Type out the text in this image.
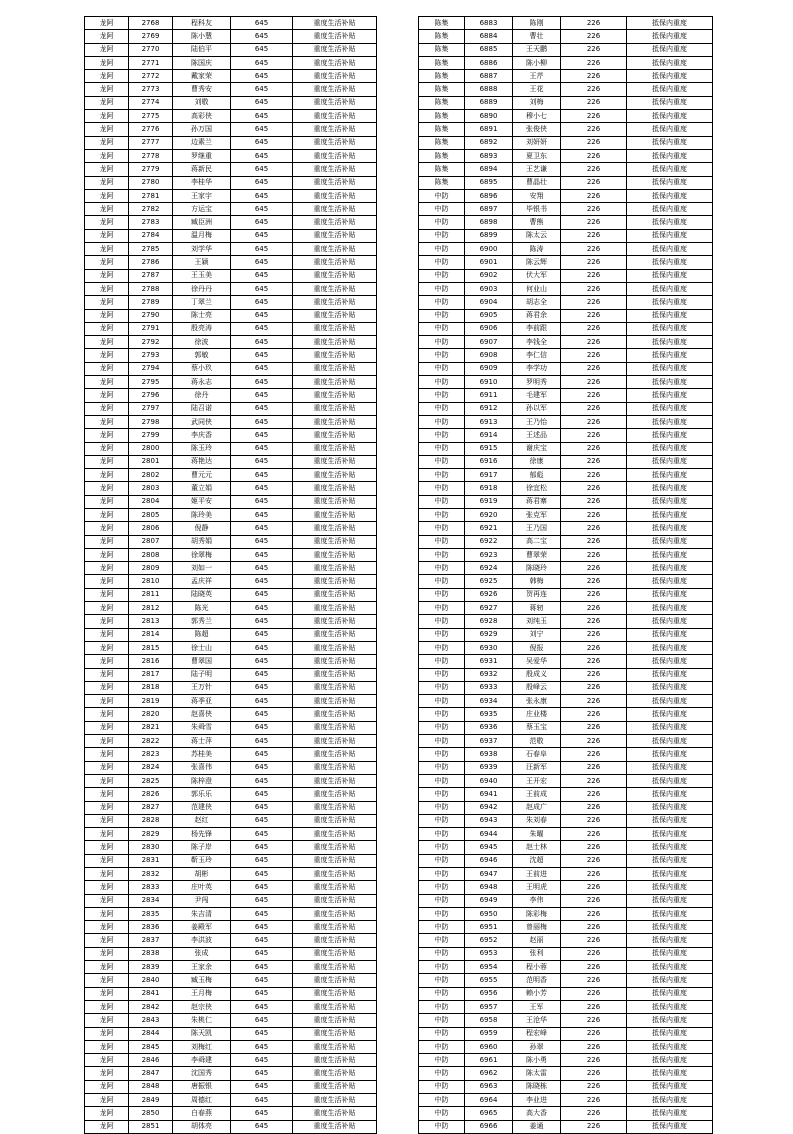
龙阿	2768	程科友	645	重度生活补贴
龙阿	2769	陈小慧	645	重度生活补贴
龙阿	2770	陆伯平	645	重度生活补贴
龙阿	2771	陈国庆	645	重度生活补贴
龙阿	2772	戴家荣	645	重度生活补贴
龙阿	2773	曹秀安	645	重度生活补贴
龙阿	2774	刘敬	645	重度生活补贴
龙阿	2775	高彩侠	645	重度生活补贴
龙阿	2776	孙万国	645	重度生活补贴
龙阿	2777	边素兰	645	重度生活补贴
龙阿	2778	罗继重	645	重度生活补贴
龙阿	2779	蒋新民	645	重度生活补贴
龙阿	2780	李桂华	645	重度生活补贴
龙阿	2781	王家宇	645	重度生活补贴
龙阿	2782	方运宝	645	重度生活补贴
龙阿	2783	臧臣洲	645	重度生活补贴
龙阿	2784	温月梅	645	重度生活补贴
龙阿	2785	刘学华	645	重度生活补贴
龙阿	2786	王颖	645	重度生活补贴
龙阿	2787	王玉美	645	重度生活补贴
龙阿	2788	徐丹丹	645	重度生活补贴
龙阿	2789	丁翠兰	645	重度生活补贴
龙阿	2790	陈士亮	645	重度生活补贴
龙阿	2791	殷亮涛	645	重度生活补贴
龙阿	2792	徐波	645	重度生活补贴
龙阿	2793	郭敏	645	重度生活补贴
龙阿	2794	蔡小玖	645	重度生活补贴
龙阿	2795	蒋永志	645	重度生活补贴
龙阿	2796	徐丹	645	重度生活补贴
龙阿	2797	陆召诺	645	重度生活补贴
龙阿	2798	武同侠	645	重度生活补贴
龙阿	2799	李庆香	645	重度生活补贴
龙阿	2800	陈玉玲	645	重度生活补贴
龙阿	2801	蒋艳达	645	重度生活补贴
龙阿	2802	曹元元	645	重度生活补贴
龙阿	2803	董立娟	645	重度生活补贴
龙阿	2804	姬平安	645	重度生活补贴
龙阿	2805	陈玲美	645	重度生活补贴
龙阿	2806	倪静	645	重度生活补贴
龙阿	2807	胡秀娟	645	重度生活补贴
龙阿	2808	徐翠梅	645	重度生活补贴
龙阿	2809	刘如一	645	重度生活补贴
龙阿	2810	孟庆祥	645	重度生活补贴
龙阿	2811	陆晓英	645	重度生活补贴
龙阿	2812	陈光	645	重度生活补贴
龙阿	2813	郭秀兰	645	重度生活补贴
龙阿	2814	陈超	645	重度生活补贴
龙阿	2815	徐士山	645	重度生活补贴
龙阿	2816	曹翠国	645	重度生活补贴
龙阿	2817	陆子明	645	重度生活补贴
龙阿	2818	王万针	645	重度生活补贴
龙阿	2819	蒋季亚	645	重度生活补贴
龙阿	2820	赵喜侠	645	重度生活补贴
龙阿	2821	朱舜雪	645	重度生活补贴
龙阿	2822	蒋士萍	645	重度生活补贴
龙阿	2823	苏桂美	645	重度生活补贴
龙阿	2824	张喜伟	645	重度生活补贴
龙阿	2825	陈梓澄	645	重度生活补贴
龙阿	2826	郭乐乐	645	重度生活补贴
龙阿	2827	范建侠	645	重度生活补贴
龙阿	2828	赵红	645	重度生活补贴
龙阿	2829	杨先锋	645	重度生活补贴
龙阿	2830	陈子岸	645	重度生活补贴
龙阿	2831	靳玉玲	645	重度生活补贴
龙阿	2832	胡彬	645	重度生活补贴
龙阿	2833	庄叶英	645	重度生活补贴
龙阿	2834	尹闯	645	重度生活补贴
龙阿	2835	朱吉清	645	重度生活补贴
龙阿	2836	姜殿军	645	重度生活补贴
龙阿	2837	李洪波	645	重度生活补贴
龙阿	2838	张成	645	重度生活补贴
龙阿	2839	王家余	645	重度生活补贴
龙阿	2840	臧玉梅	645	重度生活补贴
龙阿	2841	王月梅	645	重度生活补贴
龙阿	2842	赵宗侠	645	重度生活补贴
龙阿	2843	朱桃仁	645	重度生活补贴
龙阿	2844	陈天凯	645	重度生活补贴
龙阿	2845	刘梅红	645	重度生活补贴
龙阿	2846	李舜建	645	重度生活补贴
龙阿	2847	沈国秀	645	重度生活补贴
龙阿	2848	唐振银	645	重度生活补贴
龙阿	2849	周德红	645	重度生活补贴
龙阿	2850	白春燕	645	重度生活补贴
龙阿	2851	胡体亮	645	重度生活补贴
陈集	6883	陈刚	226	抵保内重度
陈集	6884	曹壮	226	抵保内重度
陈集	6885	王天鹏	226	抵保内重度
陈集	6886	陈小柳	226	抵保内重度
陈集	6887	王芹	226	抵保内重度
陈集	6888	王花	226	抵保内重度
陈集	6889	刘梅	226	抵保内重度
陈集	6890	穆小七	226	抵保内重度
陈集	6891	张俊侠	226	抵保内重度
陈集	6892	刘妍妍	226	抵保内重度
陈集	6893	夏卫东	226	抵保内重度
陈集	6894	王艺谦	226	抵保内重度
陈集	6895	曹晶壮	226	抵保内重度
中防	6896	安翔	226	抵保内重度
中防	6897	毕银书	226	抵保内重度
中防	6898	曹熊	226	抵保内重度
中防	6899	陈太云	226	抵保内重度
中防	6900	陈涛	226	抵保内重度
中防	6901	陈云辉	226	抵保内重度
中防	6902	伏大军	226	抵保内重度
中防	6903	何业山	226	抵保内重度
中防	6904	胡志全	226	抵保内重度
中防	6905	蒋君余	226	抵保内重度
中防	6906	李前跟	226	抵保内重度
中防	6907	李钱全	226	抵保内重度
中防	6908	李仁信	226	抵保内重度
中防	6909	李学功	226	抵保内重度
中防	6910	罗明秀	226	抵保内重度
中防	6911	毛建军	226	抵保内重度
中防	6912	孙以军	226	抵保内重度
中防	6913	王乃怡	226	抵保内重度
中防	6914	王述品	226	抵保内重度
中防	6915	谢庆宝	226	抵保内重度
中防	6916	徐康	226	抵保内重度
中防	6917	郁彪	226	抵保内重度
中防	6918	徐宜松	226	抵保内重度
中防	6919	蒋君寨	226	抵保内重度
中防	6920	张克军	226	抵保内重度
中防	6921	王乃国	226	抵保内重度
中防	6922	高二宝	226	抵保内重度
中防	6923	曹翠荣	226	抵保内重度
中防	6924	陈晓玲	226	抵保内重度
中防	6925	韩梅	226	抵保内重度
中防	6926	贺再连	226	抵保内重度
中防	6927	蒋轫	226	抵保内重度
中防	6928	刘纯玉	226	抵保内重度
中防	6929	刘宁	226	抵保内重度
中防	6930	倪报	226	抵保内重度
中防	6931	吴爱华	226	抵保内重度
中防	6932	殷成义	226	抵保内重度
中防	6933	殷峰云	226	抵保内重度
中防	6934	张永康	226	抵保内重度
中防	6935	庄业楼	226	抵保内重度
中防	6936	蔡玉宝	226	抵保内重度
中防	6937	范敬	226	抵保内重度
中防	6938	石春阜	226	抵保内重度
中防	6939	汪新军	226	抵保内重度
中防	6940	王开宏	226	抵保内重度
中防	6941	王前成	226	抵保内重度
中防	6942	赵成广	226	抵保内重度
中防	6943	朱刘春	226	抵保内重度
中防	6944	朱曜	226	抵保内重度
中防	6945	赵士林	226	抵保内重度
中防	6946	沈超	226	抵保内重度
中防	6947	王前进	226	抵保内重度
中防	6948	王明虎	226	抵保内重度
中防	6949	李伟	226	抵保内重度
中防	6950	陈彩梅	226	抵保内重度
中防	6951	曾丽梅	226	抵保内重度
中防	6952	赵丽	226	抵保内重度
中防	6953	张利	226	抵保内重度
中防	6954	程小蓉	226	抵保内重度
中防	6955	范明香	226	抵保内重度
中防	6956	赖小芳	226	抵保内重度
中防	6957	王军	226	抵保内重度
中防	6958	王沧华	226	抵保内重度
中防	6959	程宏峰	226	抵保内重度
中防	6960	孙翠	226	抵保内重度
中防	6961	陈小勇	226	抵保内重度
中防	6962	陈太雷	226	抵保内重度
中防	6963	陈晓栋	226	抵保内重度
中防	6964	李业进	226	抵保内重度
中防	6965	高大香	226	抵保内重度
中防	6966	姜通	226	抵保内重度
